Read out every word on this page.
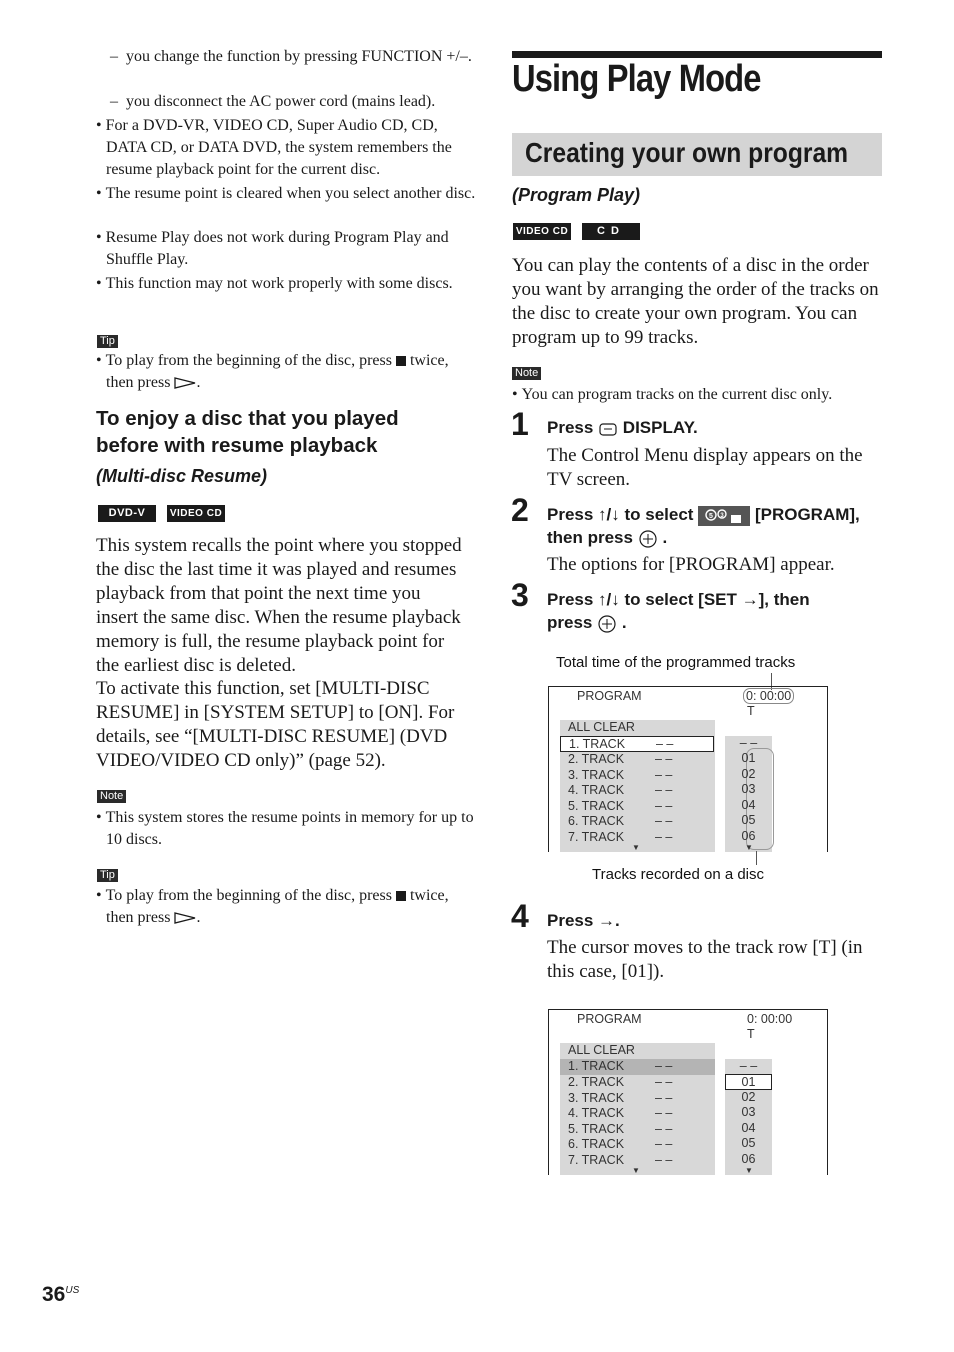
–  you change the function by pressing FUNCTION +/–.
–  you disconnect the AC power cord (mains lead).
• For a DVD-VR, VIDEO CD, Super Audio CD, CD, DATA CD, or DATA DVD, the system remembers the resume playback point for the current disc.
• The resume point is cleared when you select another disc.
• Resume Play does not work during Program Play and Shuffle Play.
• This function may not work properly with some discs.
Tip
• To play from the beginning of the disc, press twice, then press .
To enjoy a disc that you played before with resume playback
(Multi-disc Resume)
DVD-V	VIDEO CD
This system recalls the point where you stopped the disc the last time it was played and resumes playback from that point the next time you insert the same disc. When the resume playback memory is full, the resume playback point for the earliest disc is deleted.
To activate this function, set [MULTI-DISC RESUME] in [SYSTEM SETUP] to [ON]. For details, see “[MULTI-DISC RESUME] (DVD VIDEO/VIDEO CD only)” (page 52).
Note
• This system stores the resume points in memory for up to 10 discs.
Tip
• To play from the beginning of the disc, press twice, then press .
Using Play Mode
Creating your own program
(Program Play)
VIDEO CD	CD
You can play the contents of a disc in the order you want by arranging the order of the tracks on the disc to create your own program. You can program up to 99 tracks.
Note
• You can program tracks on the current disc only.
1 Press DISPLAY.
The Control Menu display appears on the TV screen.
2 Press ↑/↓ to select 5 3 [PROGRAM],
then press  .
The options for [PROGRAM] appear.
3 Press ↑/↓ to select [SET →], then
press  .
Total time of the programmed tracks
PROGRAM	0: 00:00
T
ALL CLEAR
1. TRACK – –
2. TRACK – –
3. TRACK – –
4. TRACK – –
5. TRACK – –
6. TRACK – –
7. TRACK – –
▼
– –
01
02
03
04
05
06
▼
Tracks recorded on a disc
4 Press →.
The cursor moves to the track row [T] (in this case, [01]).
PROGRAM	0: 00:00
T
ALL CLEAR
1. TRACK – –
2. TRACK – –
3. TRACK – –
4. TRACK – –
5. TRACK – –
6. TRACK – –
7. TRACK – –
▼
– –
01
02
03
04
05
06
▼
$36^{US}$
